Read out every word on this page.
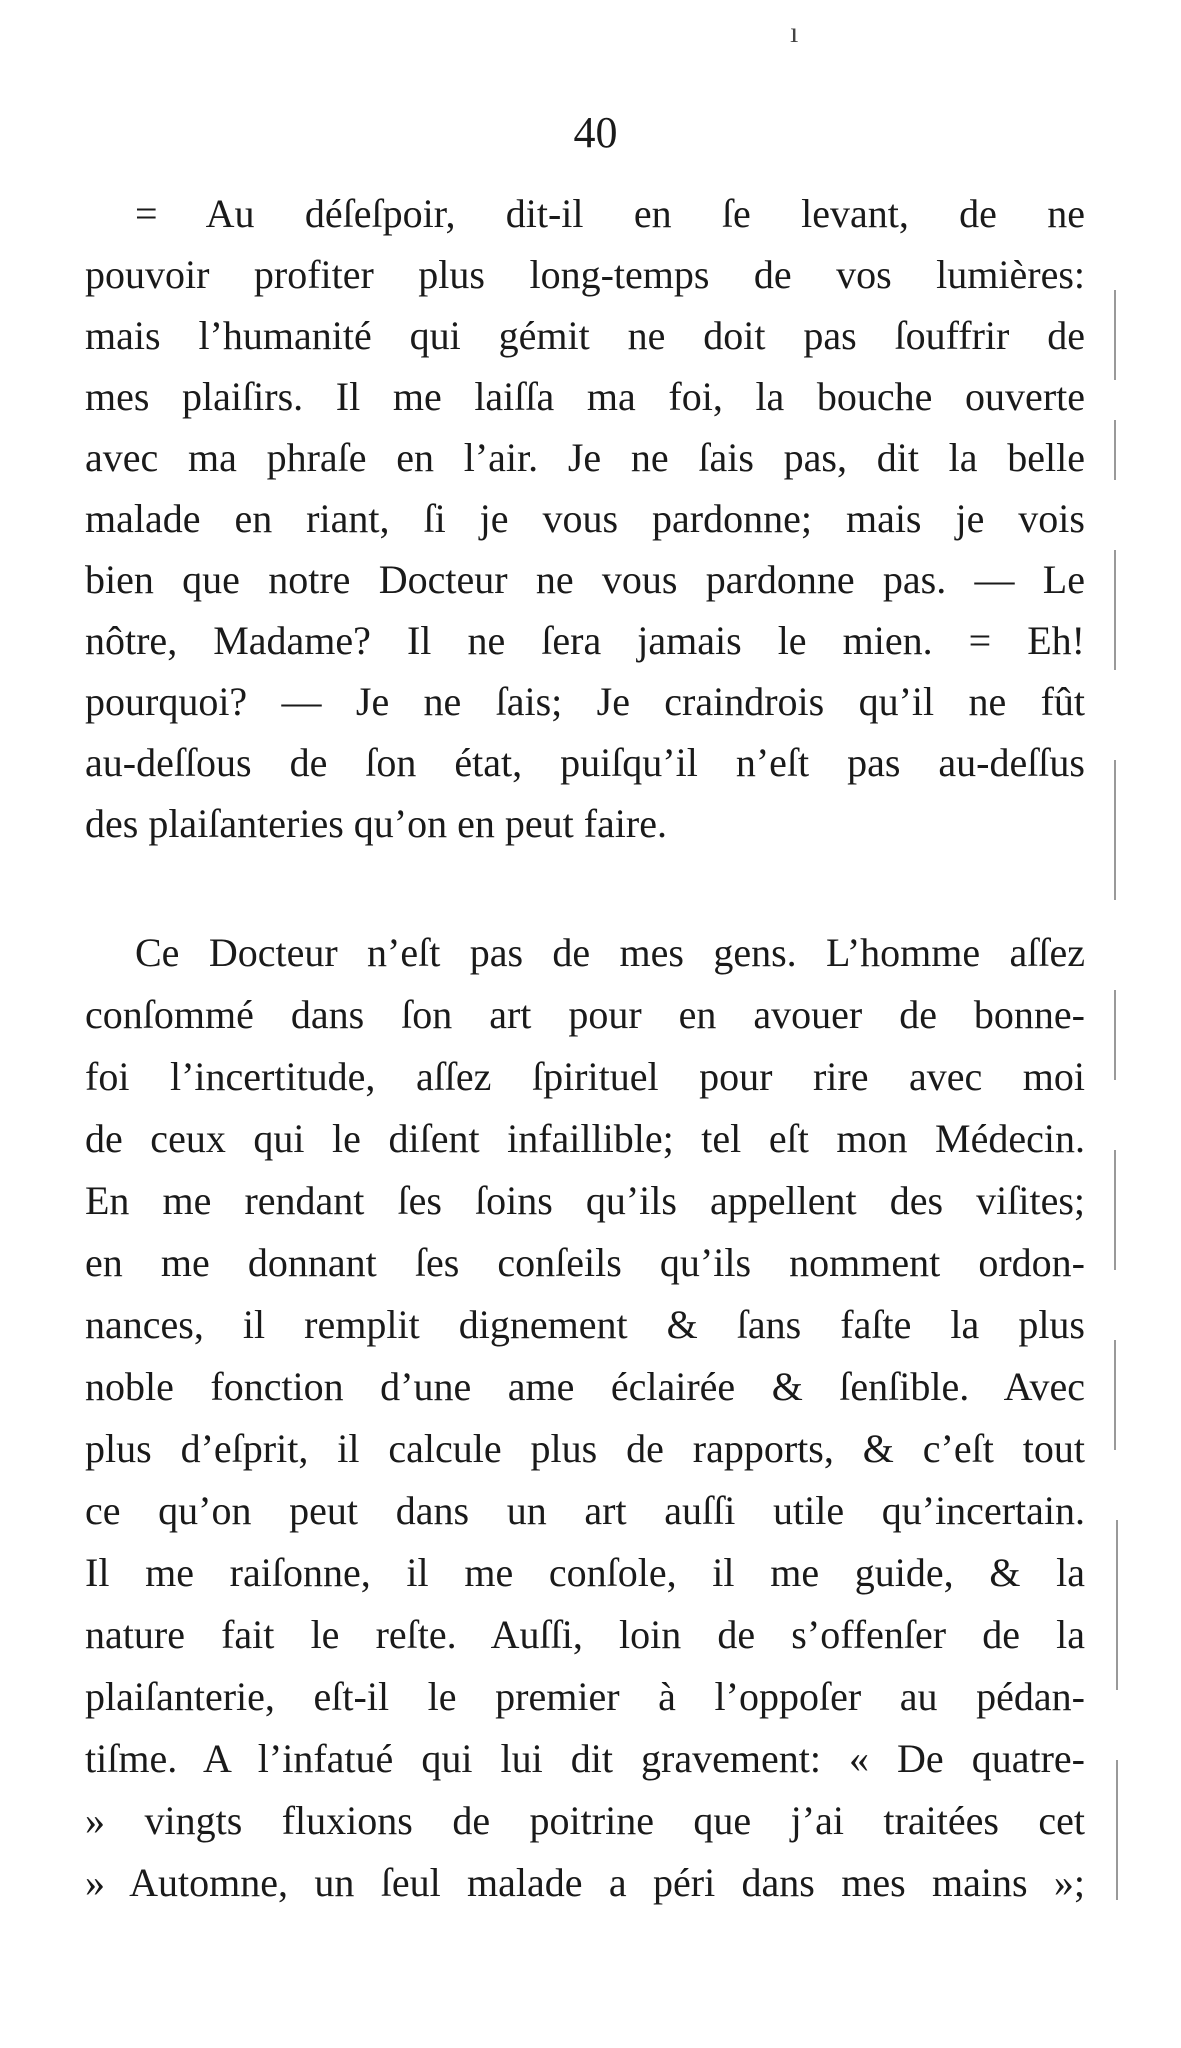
ı
40
= Au déſeſpoir, dit-il en ſe levant, de ne
pouvoir profiter plus long-temps de vos lumières:
mais l’humanité qui gémit ne doit pas ſouffrir de
mes plaiſirs. Il me laiſſa ma foi, la bouche ouverte
avec ma phraſe en l’air. Je ne ſais pas, dit la belle
malade en riant, ſi je vous pardonne; mais je vois
bien que notre Docteur ne vous pardonne pas. — Le
nôtre, Madame? Il ne ſera jamais le mien. = Eh!
pourquoi? — Je ne ſais; Je craindrois qu’il ne fût
au-deſſous de ſon état, puiſqu’il n’eſt pas au-deſſus
des plaiſanteries qu’on en peut faire.
Ce Docteur n’eſt pas de mes gens. L’homme aſſez
conſommé dans ſon art pour en avouer de bonne-
foi l’incertitude, aſſez ſpirituel pour rire avec moi
de ceux qui le diſent infaillible; tel eſt mon Médecin.
En me rendant ſes ſoins qu’ils appellent des viſites;
en me donnant ſes conſeils qu’ils nomment ordon-
nances, il remplit dignement & ſans faſte la plus
noble fonction d’une ame éclairée & ſenſible. Avec
plus d’eſprit, il calcule plus de rapports, & c’eſt tout
ce qu’on peut dans un art auſſi utile qu’incertain.
Il me raiſonne, il me conſole, il me guide, & la
nature fait le reſte. Auſſi, loin de s’offenſer de la
plaiſanterie, eſt-il le premier à l’oppoſer au pédan-
tiſme. A l’infatué qui lui dit gravement: « De quatre-
» vingts fluxions de poitrine que j’ai traitées cet
» Automne, un ſeul malade a péri dans mes mains »;
